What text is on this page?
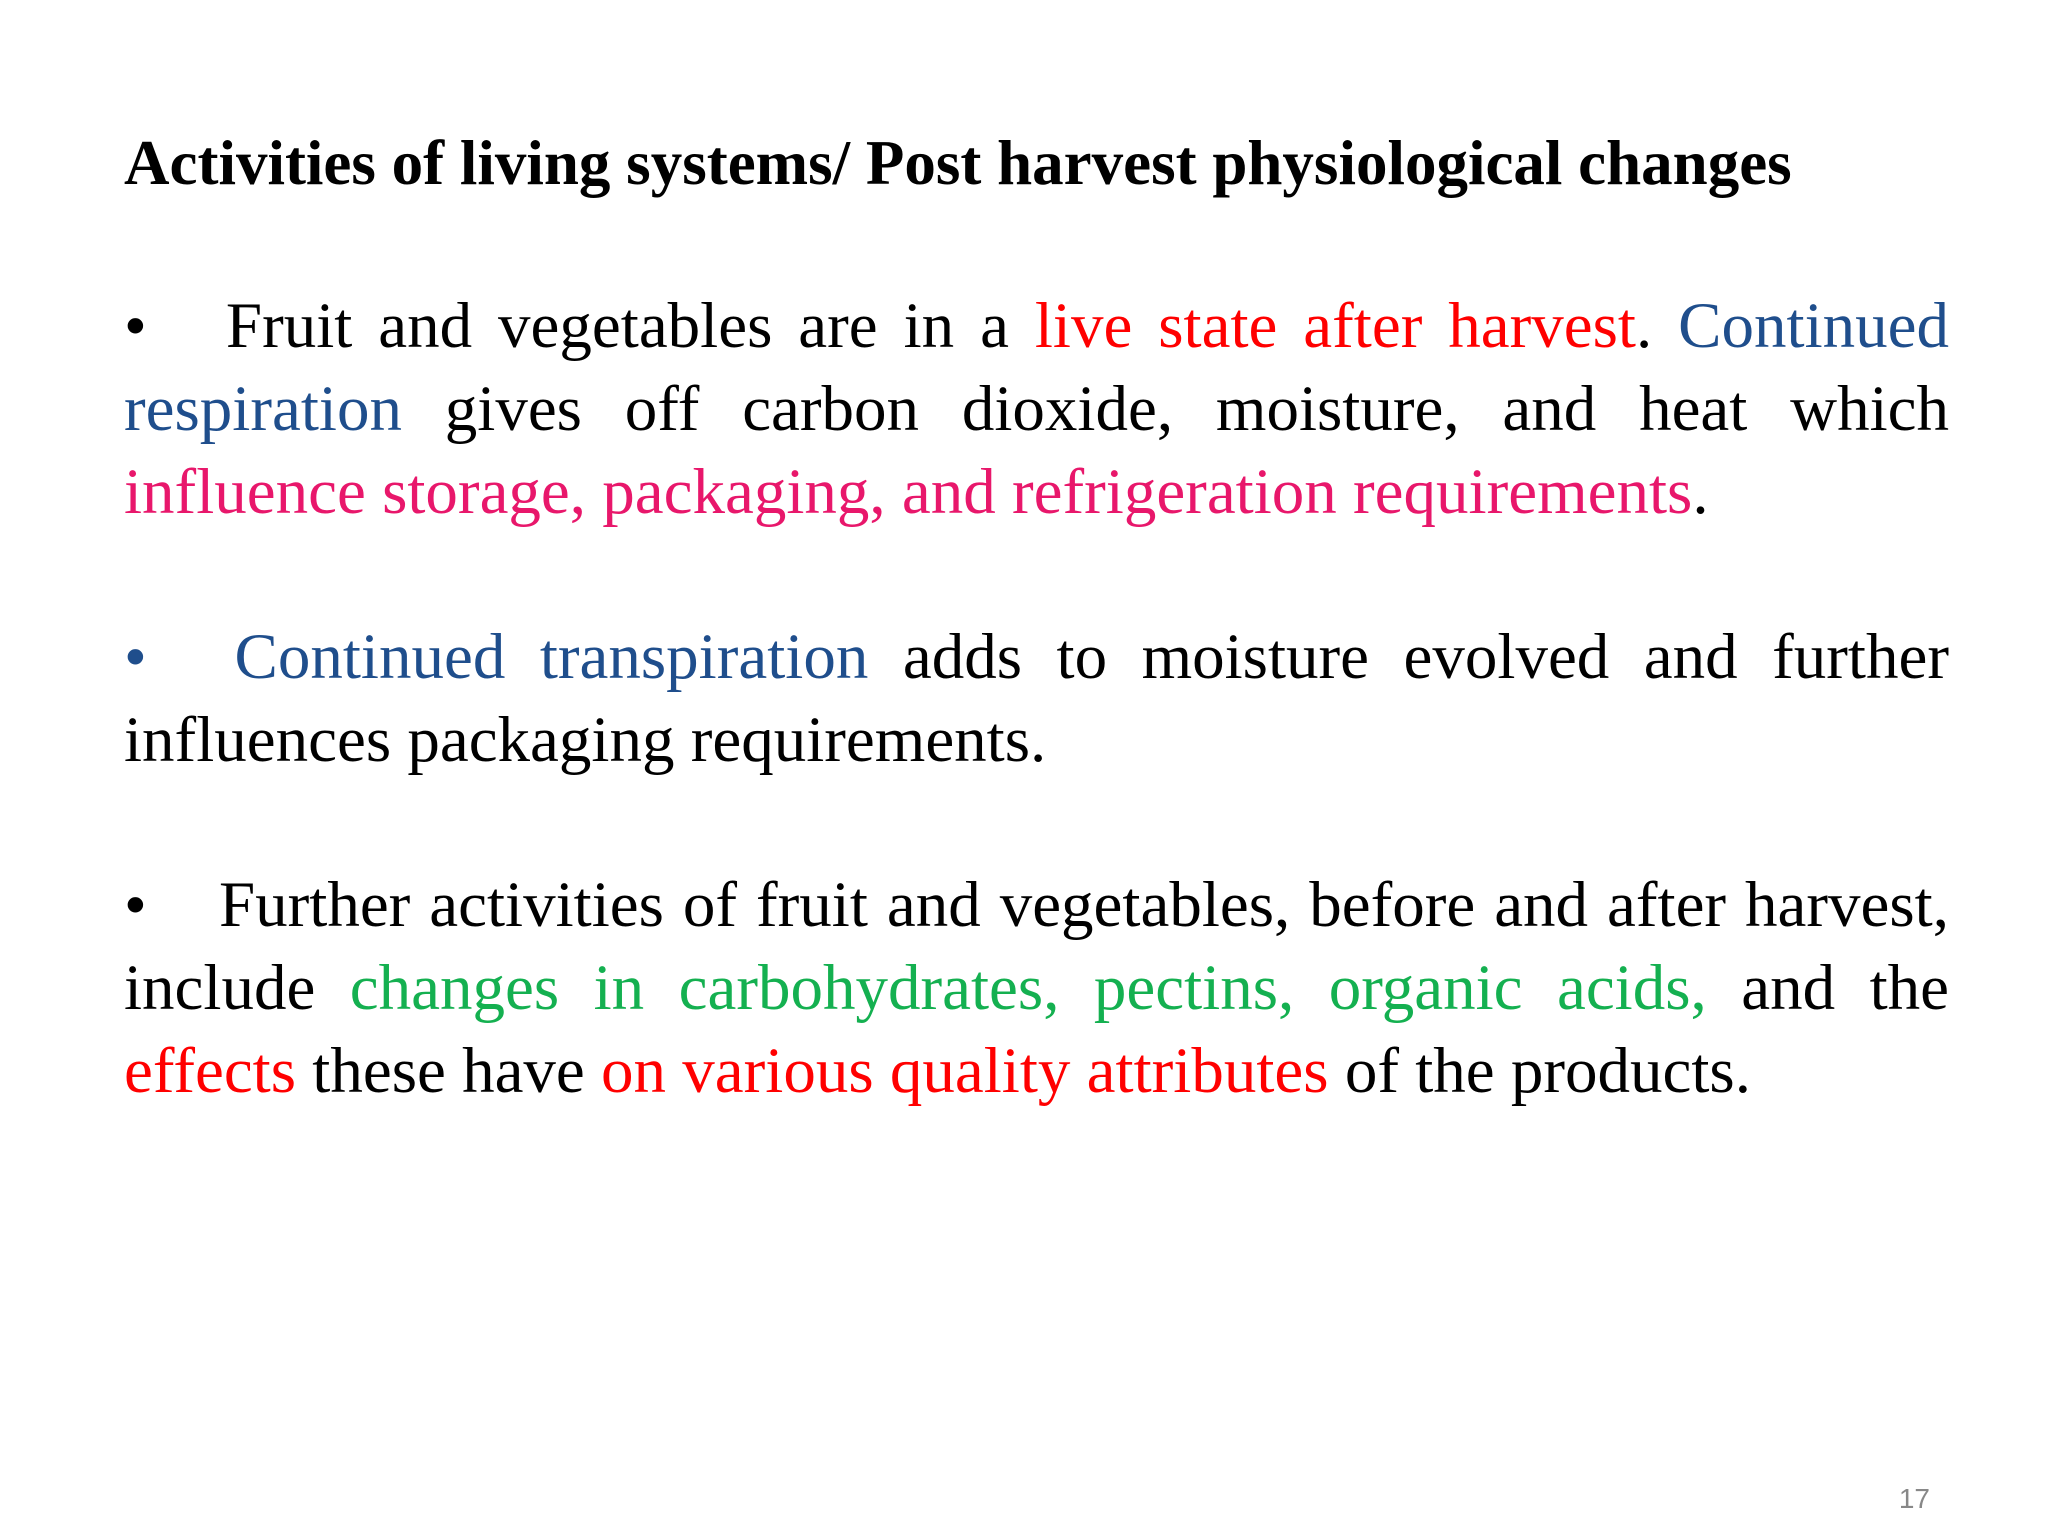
Activities of living systems/ Post harvest physiological changes
• Fruit and vegetables are in a live state after harvest. Continued respiration gives off carbon dioxide, moisture, and heat which influence storage, packaging, and refrigeration requirements.
• Continued transpiration adds to moisture evolved and further influences packaging requirements.
• Further activities of fruit and vegetables, before and after harvest, include changes in carbohydrates, pectins, organic acids, and the effects these have on various quality attributes of the products.
17
